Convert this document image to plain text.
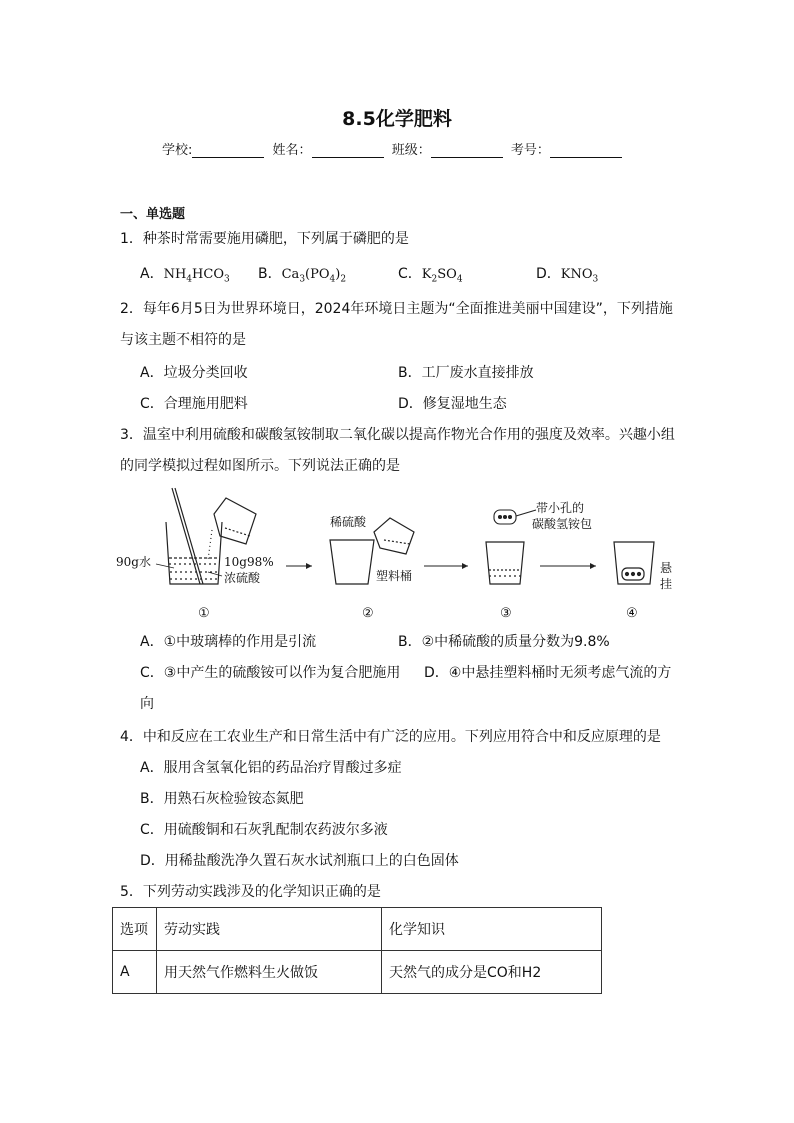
8.5化学肥料
学校:	姓名：	班级：	考号：
一、单选题
1．种茶时常需要施用磷肥，下列属于磷肥的是
A．$NH_4HCO_3$ B．$Ca_3(PO_4)_2$	C．$K_2SO_4$	D．$KNO_3$
2．每年6月5日为世界环境日，2024年环境日主题为“全面推进美丽中国建设”，下列措施
与该主题不相符的是
A．垃圾分类回收	B．工厂废水直接排放
C．合理施用肥料	D．修复湿地生态
3．温室中利用硫酸和碳酸氢铵制取二氧化碳以提高作物光合作用的强度及效率。兴趣小组
的同学模拟过程如图所示。下列说法正确的是
90g水	10g98%
浓硫酸
稀硫酸
塑料桶
带小孔的
碳酸氢铵包
悬
挂
①	②	③	④
A．①中玻璃棒的作用是引流	B．②中稀硫酸的质量分数为9.8%
C．③中产生的硫酸铵可以作为复合肥施用 D．④中悬挂塑料桶时无须考虑气流的方
向
4．中和反应在工农业生产和日常生活中有广泛的应用。下列应用符合中和反应原理的是
A．服用含氢氧化铝的药品治疗胃酸过多症
B．用熟石灰检验铵态氮肥
C．用硫酸铜和石灰乳配制农药波尔多液
D．用稀盐酸洗净久置石灰水试剂瓶口上的白色固体
5．下列劳动实践涉及的化学知识正确的是
选项	劳动实践	化学知识
A	用天然气作燃料生火做饭	天然气的成分是CO和H2
